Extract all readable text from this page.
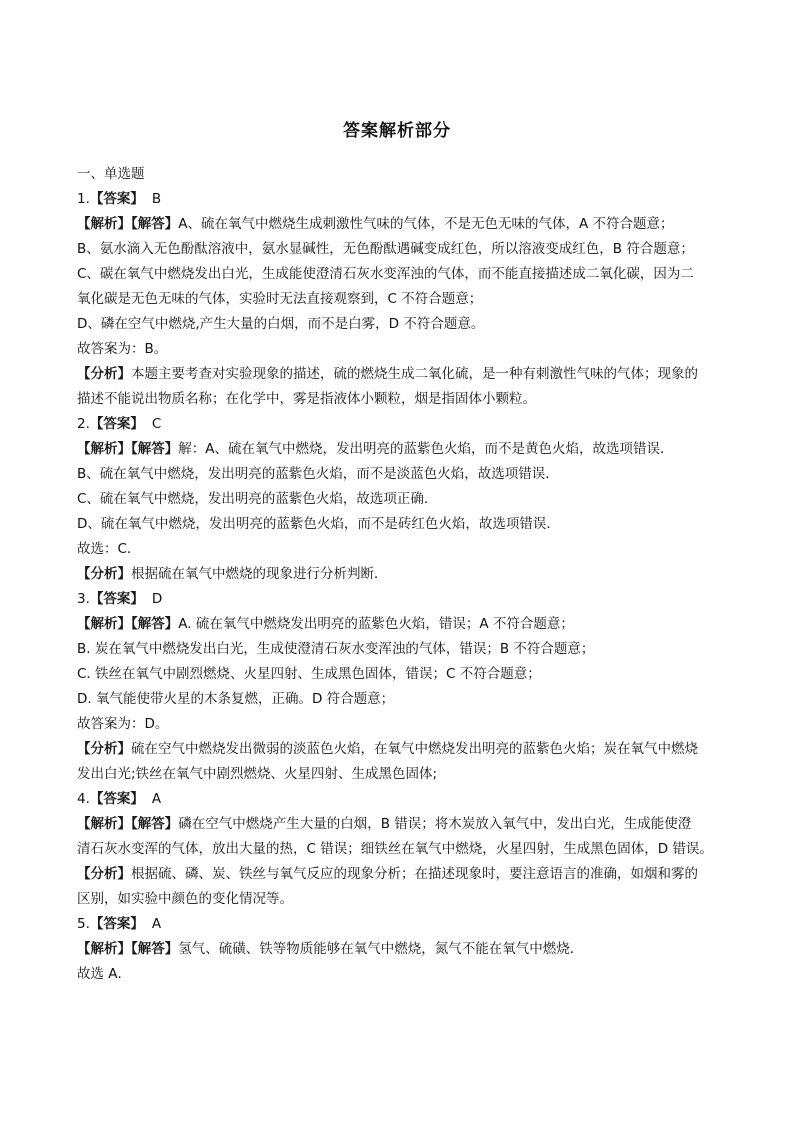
答案解析部分
一、单选题
1.【答案】 B
【解析】【解答】A、硫在氧气中燃烧生成刺激性气味的气体，不是无色无味的气体，A 不符合题意；
B、氨水滴入无色酚酞溶液中，氨水显碱性，无色酚酞遇碱变成红色，所以溶液变成红色，B 符合题意；
C、碳在氧气中燃烧发出白光，生成能使澄清石灰水变浑浊的气体，而不能直接描述成二氧化碳，因为二
氧化碳是无色无味的气体，实验时无法直接观察到，C 不符合题意；
D、磷在空气中燃烧,产生大量的白烟，而不是白雾，D 不符合题意。
故答案为：B。
【分析】本题主要考查对实验现象的描述，硫的燃烧生成二氧化硫，是一种有刺激性气味的气体；现象的
描述不能说出物质名称；在化学中，雾是指液体小颗粒，烟是指固体小颗粒。
2.【答案】 C
【解析】【解答】解：A、硫在氧气中燃烧，发出明亮的蓝紫色火焰，而不是黄色火焰，故选项错误．
B、硫在氧气中燃烧，发出明亮的蓝紫色火焰，而不是淡蓝色火焰，故选项错误．
C、硫在氧气中燃烧，发出明亮的蓝紫色火焰，故选项正确．
D、硫在氧气中燃烧，发出明亮的蓝紫色火焰，而不是砖红色火焰，故选项错误．
故选：C．
【分析】根据硫在氧气中燃烧的现象进行分析判断．
3.【答案】 D
【解析】【解答】A. 硫在氧气中燃烧发出明亮的蓝紫色火焰，错误；A 不符合题意；
B. 炭在氧气中燃烧发出白光，生成使澄清石灰水变浑浊的气体，错误；B 不符合题意；
C. 铁丝在氧气中剧烈燃烧、火星四射、生成黑色固体，错误；C 不符合题意；
D. 氧气能使带火星的木条复燃，正确。D 符合题意；
故答案为：D。
【分析】硫在空气中燃烧发出微弱的淡蓝色火焰，在氧气中燃烧发出明亮的蓝紫色火焰；炭在氧气中燃烧
发出白光;铁丝在氧气中剧烈燃烧、火星四射、生成黑色固体;
4.【答案】 A
【解析】【解答】磷在空气中燃烧产生大量的白烟，B 错误；将木炭放入氧气中，发出白光，生成能使澄
清石灰水变浑的气体，放出大量的热，C 错误；细铁丝在氧气中燃烧，火星四射，生成黑色固体，D 错误。
【分析】根据硫、磷、炭、铁丝与氧气反应的现象分析；在描述现象时，要注意语言的准确，如烟和雾的
区别，如实验中颜色的变化情况等。
5.【答案】 A
【解析】【解答】氢气、硫磺、铁等物质能够在氧气中燃烧，氮气不能在氧气中燃烧．
故选 A．
